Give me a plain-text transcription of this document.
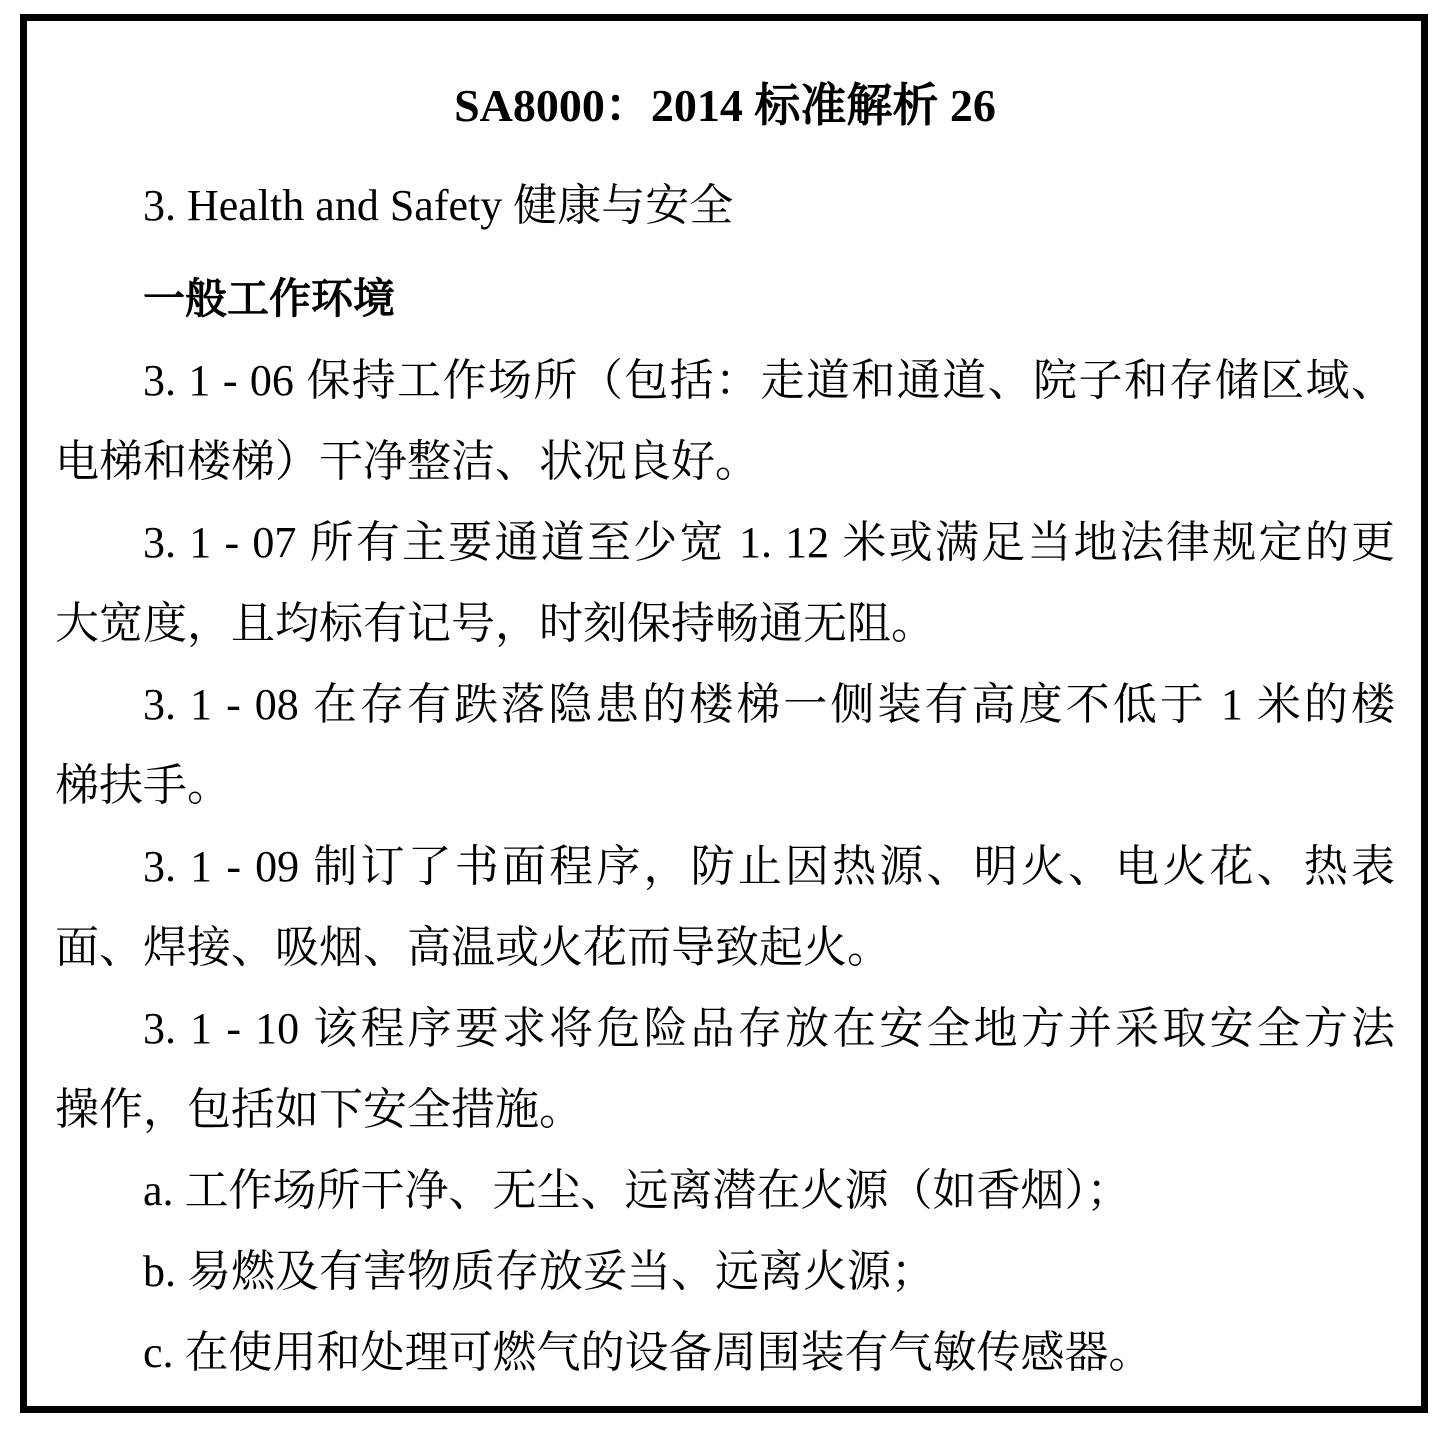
SA8000：2014 标准解析 26
3. Health and Safety 健康与安全
一般工作环境
3. 1 - 06 保持工作场所（包括：走道和通道、院子和存储区域、
电梯和楼梯）干净整洁、状况良好。
3. 1 - 07 所有主要通道至少宽 1. 12 米或满足当地法律规定的更
大宽度，且均标有记号，时刻保持畅通无阻。
3. 1 - 08 在存有跌落隐患的楼梯一侧装有高度不低于 1 米的楼
梯扶手。
3. 1 - 09 制订了书面程序，防止因热源、明火、电火花、热表
面、焊接、吸烟、高温或火花而导致起火。
3. 1 - 10 该程序要求将危险品存放在安全地方并采取安全方法
操作，包括如下安全措施。
a. 工作场所干净、无尘、远离潜在火源（如香烟）；
b. 易燃及有害物质存放妥当、远离火源；
c. 在使用和处理可燃气的设备周围装有气敏传感器。
